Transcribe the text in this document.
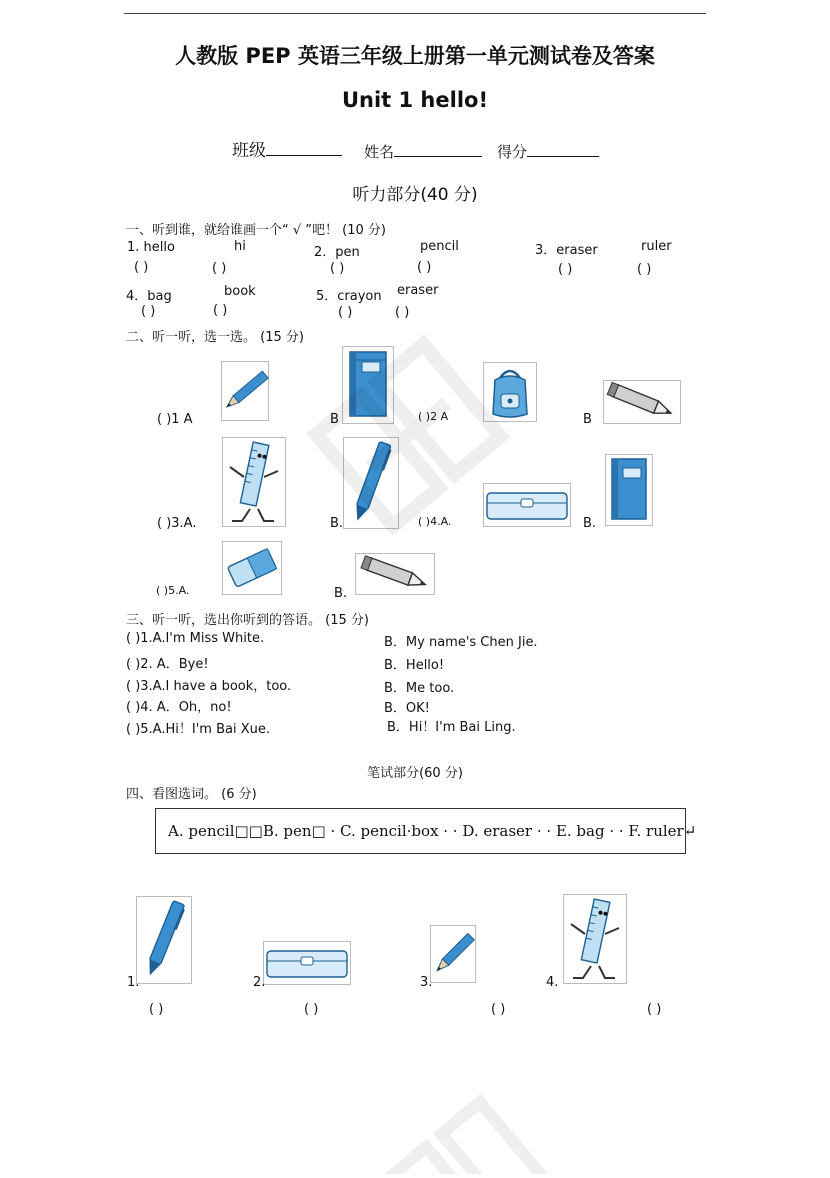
人教版 PEP 英语三年级上册第一单元测试卷及答案
Unit 1 hello!
班级	姓名	得分
听力部分(40 分)
一、听到谁，就给谁画一个“ √ ”吧！ (10 分)
1. hello	hi	2．pen	pencil	3．eraser	ruler
( )	( )	( )	( )	( )	( )
4．bag	book	5．crayon eraser
( )	( )	( )	( )
二、听一听，选一选。 (15 分)
( )1 A	B	( )2 A	B
( )3.A.	B.	( )4.A.	B.
( )5.A.	B.
三、听一听，选出你听到的答语。 (15 分)
( )1.A.I'm Miss White.	B．My name's Chen Jie.
( )2. A．Bye!	B．Hello!
( )3.A.I have a book，too.	B．Me too.
( )4. A．Oh，no!	B．OK!
( )5.A.Hi！I'm Bai Xue.	B．Hi！I'm Bai Ling.
笔试部分(60 分)
四、看图选词。 (6 分)
A. pencil□□B. pen□ · C. pencil·box · · D. eraser · · E. bag · · F. ruler↵
1.	2.	3.	4.
( )	( )	( )	( )
